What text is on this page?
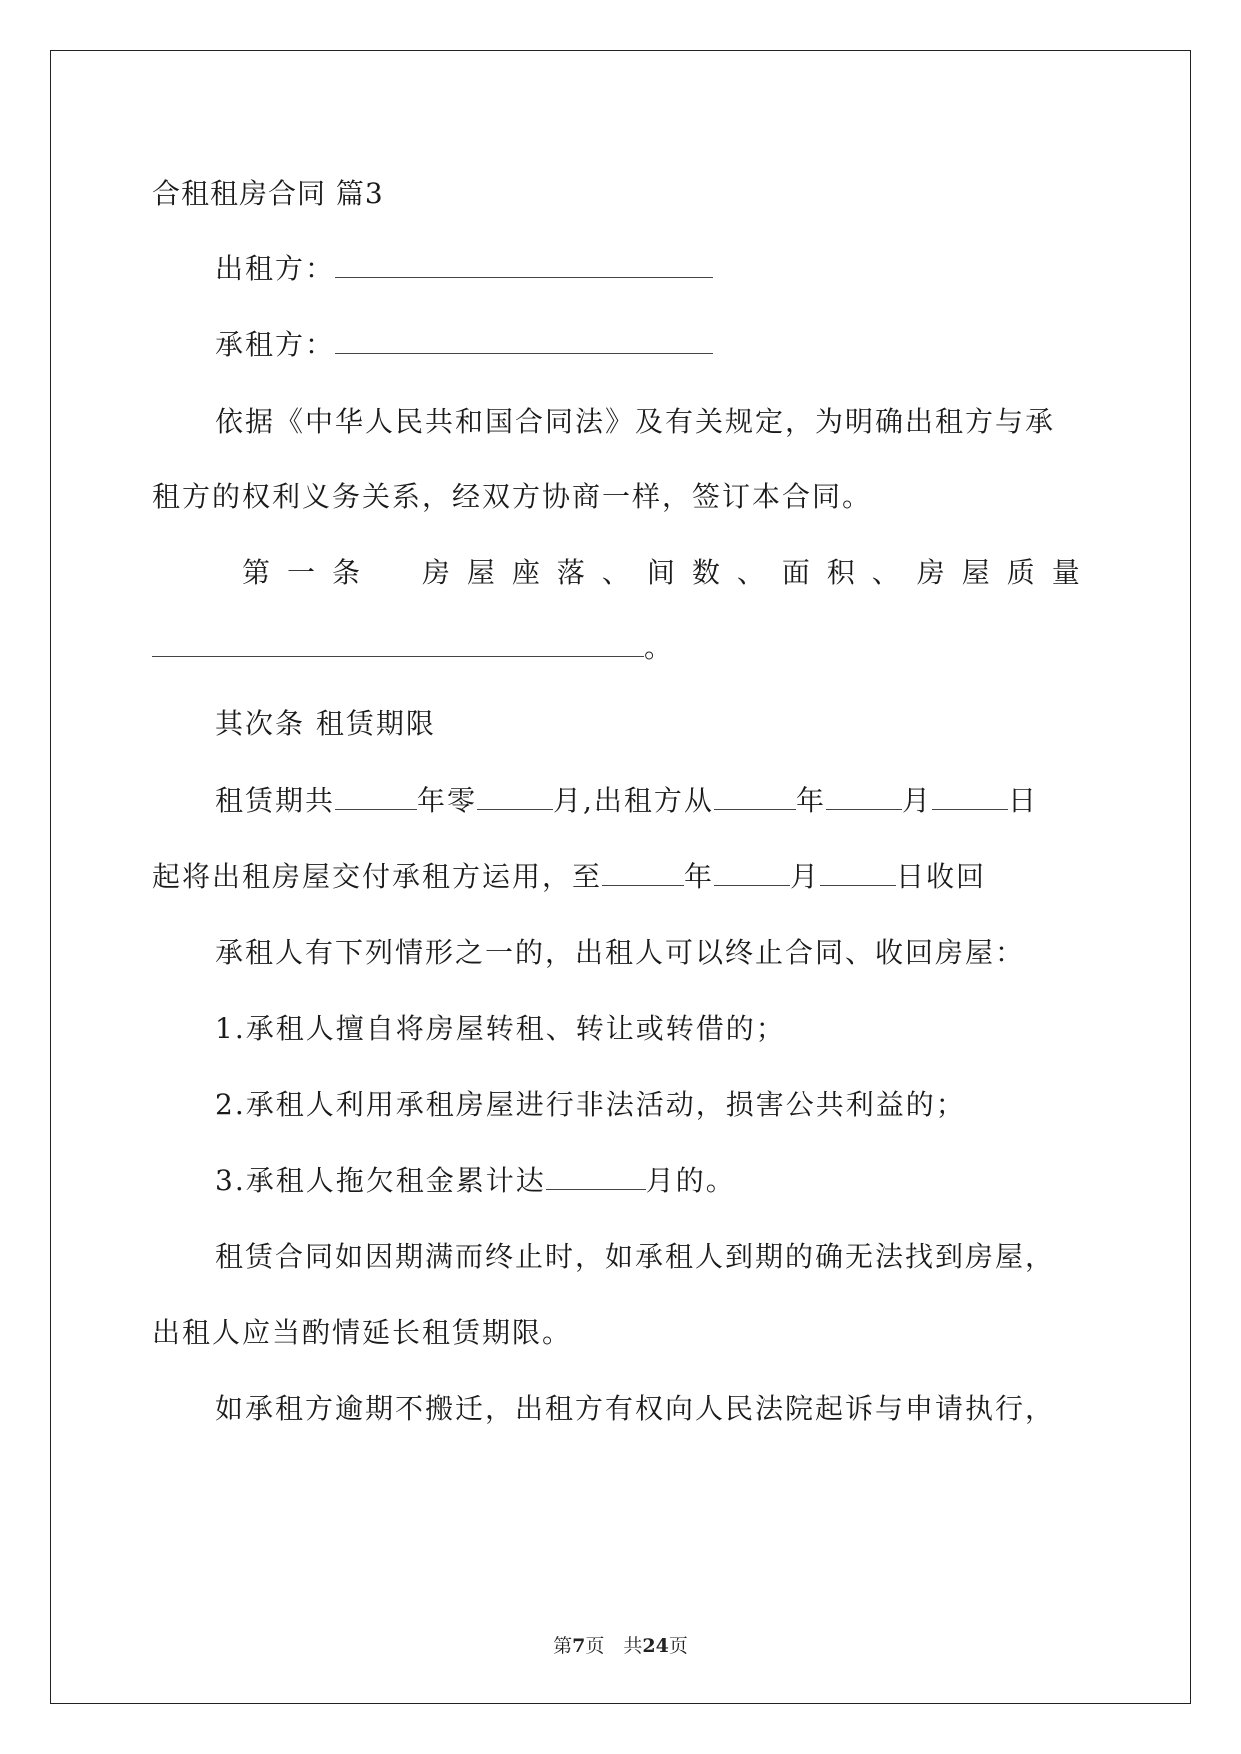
合租租房合同 篇3
出租方：
承租方：
依据《中华人民共和国合同法》及有关规定，为明确出租方与承
租方的权利义务关系，经双方协商一样，签订本合同。
第 一 条
　 房 屋 座 落 、 间 数 、 面 积 、 房 屋 质 量
。
其次条 租赁期限
租赁期共	年零	月,出租方从	年	月	日
起将出租房屋交付承租方运用，至	年	月	日收回
承租人有下列情形之一的，出租人可以终止合同、收回房屋：
1.承租人擅自将房屋转租、转让或转借的；
2.承租人利用承租房屋进行非法活动，损害公共利益的；
3.承租人拖欠租金累计达	月的。
租赁合同如因期满而终止时，如承租人到期的确无法找到房屋，
出租人应当酌情延长租赁期限。
如承租方逾期不搬迁，出租方有权向人民法院起诉与申请执行，
第7页　共24页
